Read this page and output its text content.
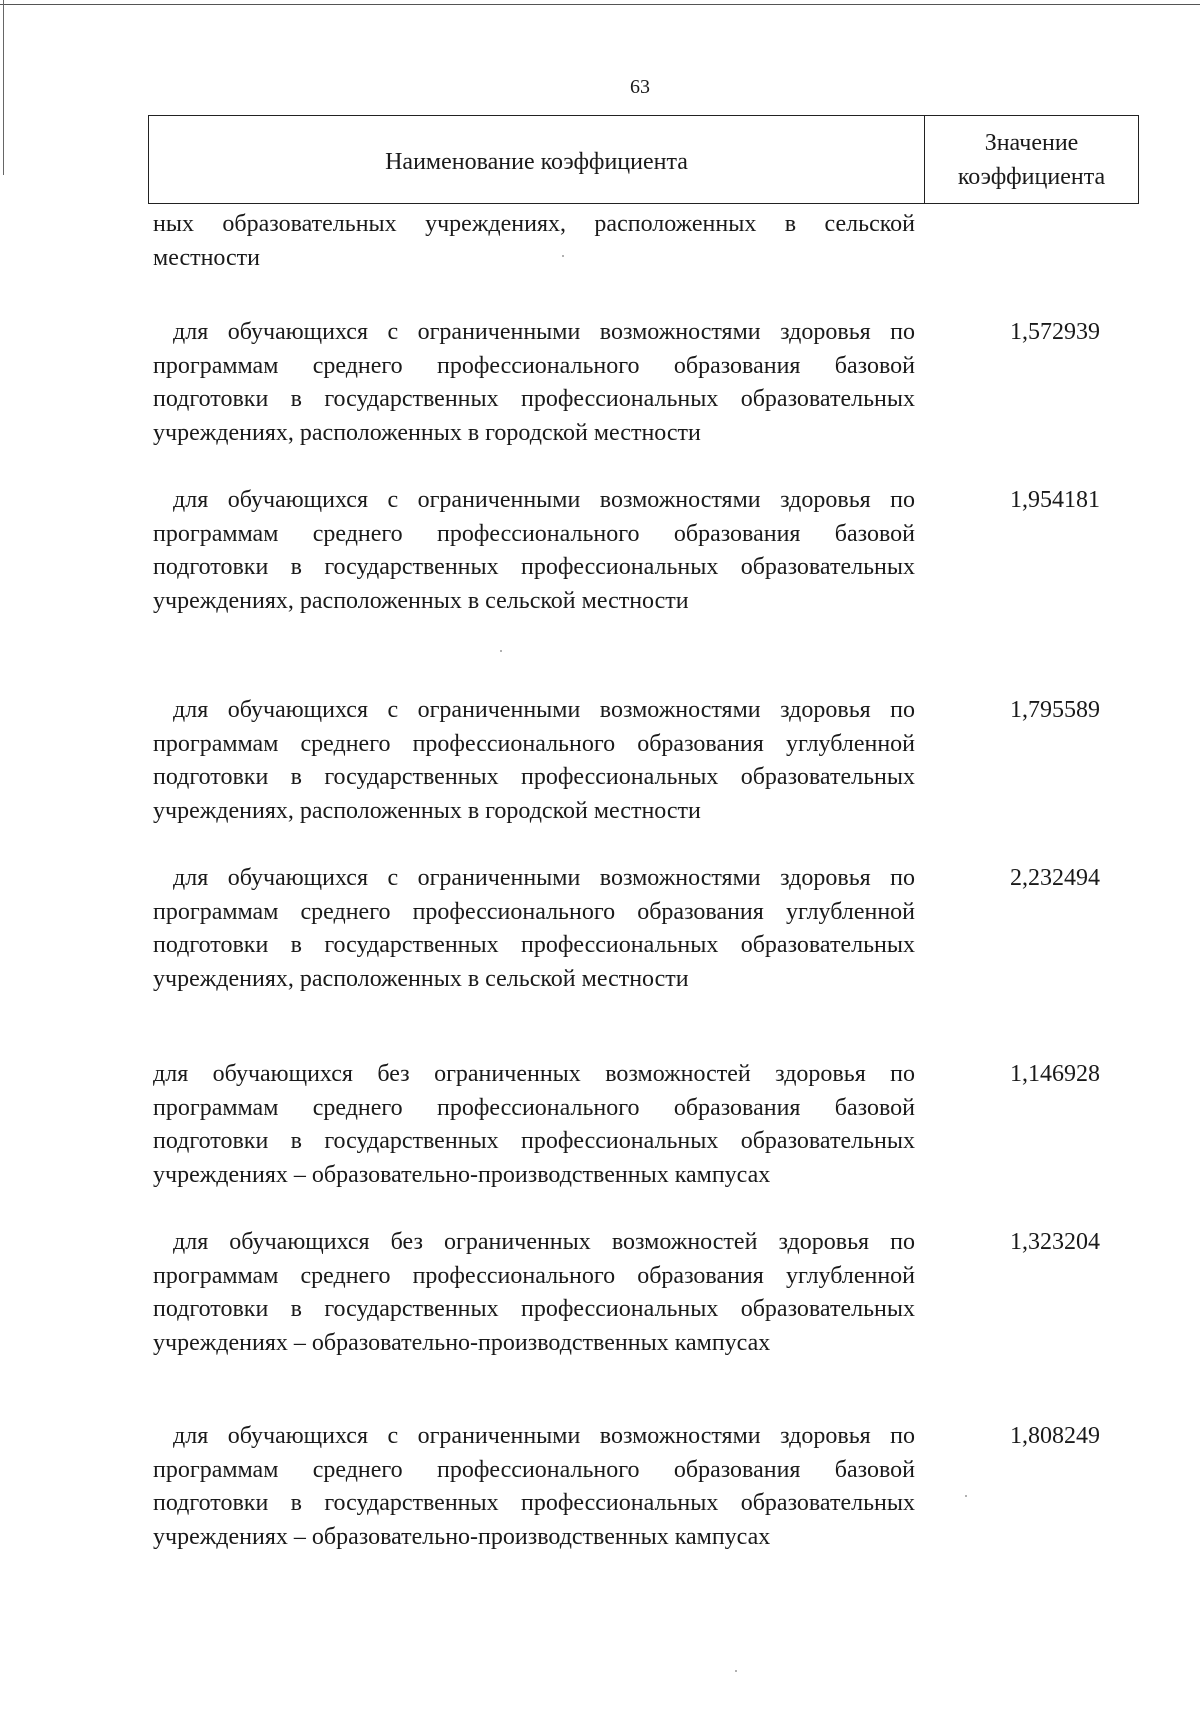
63
Наименование коэффициента
Значение коэффициента
ных образовательных учреждениях, расположенных в сельской местности
для обучающихся с ограниченными возможностями здоровья по программам среднего профессионального образования базовой подготовки в государственных профессиональных образовательных учреждениях, расположенных в городской местности
1,572939
для обучающихся с ограниченными возможностями здоровья по программам среднего профессионального образования базовой подготовки в государственных профессиональных образовательных учреждениях, расположенных в сельской местности
1,954181
для обучающихся с ограниченными возможностями здоровья по программам среднего профессионального образования углубленной подготовки в государственных профессиональных образовательных учреждениях, расположенных в городской местности
1,795589
для обучающихся с ограниченными возможностями здоровья по программам среднего профессионального образования углубленной подготовки в государственных профессиональных образовательных учреждениях, расположенных в сельской местности
2,232494
для обучающихся без ограниченных возможностей здоровья по программам среднего профессионального образования базовой подготовки в государственных профессиональных образовательных учреждениях – образовательно-производственных кампусах
1,146928
для обучающихся без ограниченных возможностей здоровья по программам среднего профессионального образования углубленной подготовки в государственных профессиональных образовательных учреждениях – образовательно-производственных кампусах
1,323204
для обучающихся с ограниченными возможностями здоровья по программам среднего профессионального образования базовой подготовки в государственных профессиональных образовательных учреждениях – образовательно-производственных кампусах
1,808249
